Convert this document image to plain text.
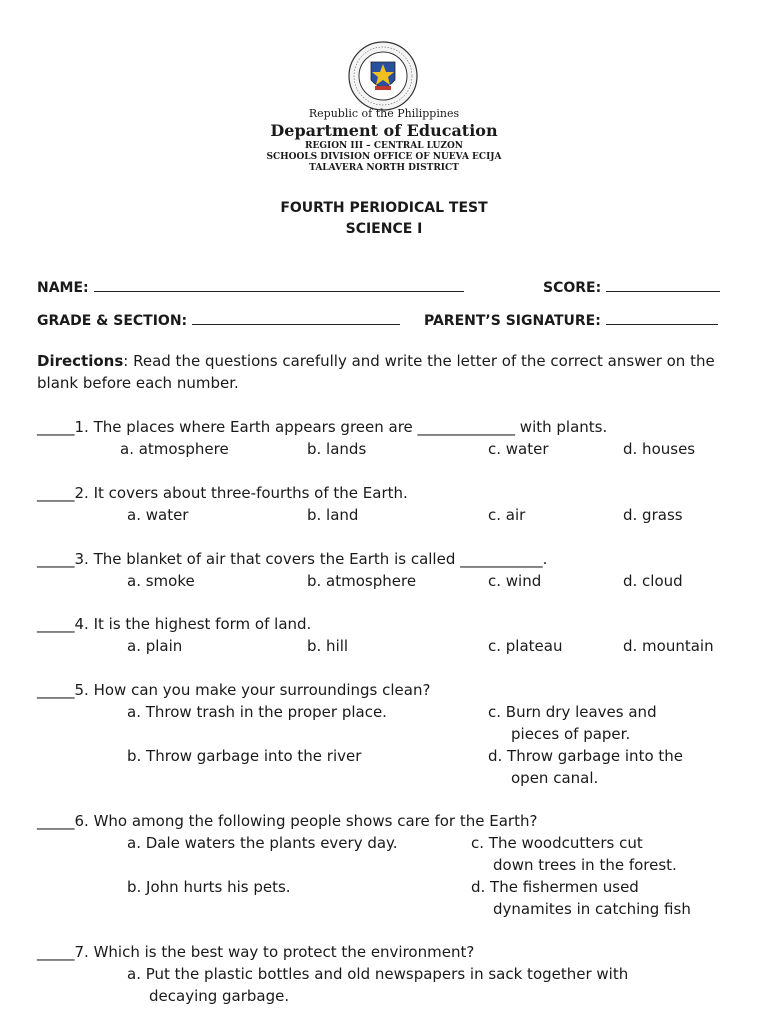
Republic of the Philippines
Department of Education
REGION III – CENTRAL LUZON
SCHOOLS DIVISION OFFICE OF NUEVA ECIJA
TALAVERA NORTH DISTRICT
FOURTH PERIODICAL TEST
SCIENCE I
NAME:	SCORE:
GRADE & SECTION:	PARENT’S SIGNATURE:
Directions: Read the questions carefully and write the letter of the correct answer on the blank before each number.
_____1. The places where Earth appears green are _____________ with plants.
a. atmosphere	b. lands	c. water	d. houses
_____2. It covers about three-fourths of the Earth.
a. water	b. land	c. air	d. grass
_____3. The blanket of air that covers the Earth is called ___________.
a. smoke	b. atmosphere	c. wind	d. cloud
_____4. It is the highest form of land.
a. plain	b. hill	c. plateau	d. mountain
_____5. How can you make your surroundings clean?
a. Throw trash in the proper place.	c. Burn dry leaves and
pieces of paper.
b. Throw garbage into the river	d. Throw garbage into the
open canal.
_____6. Who among the following people shows care for the Earth?
a. Dale waters the plants every day.	c. The woodcutters cut
down trees in the forest.
b. John hurts his pets.	d. The fishermen used
dynamites in catching fish
_____7. Which is the best way to protect the environment?
a. Put the plastic bottles and old newspapers in sack together with
decaying garbage.
